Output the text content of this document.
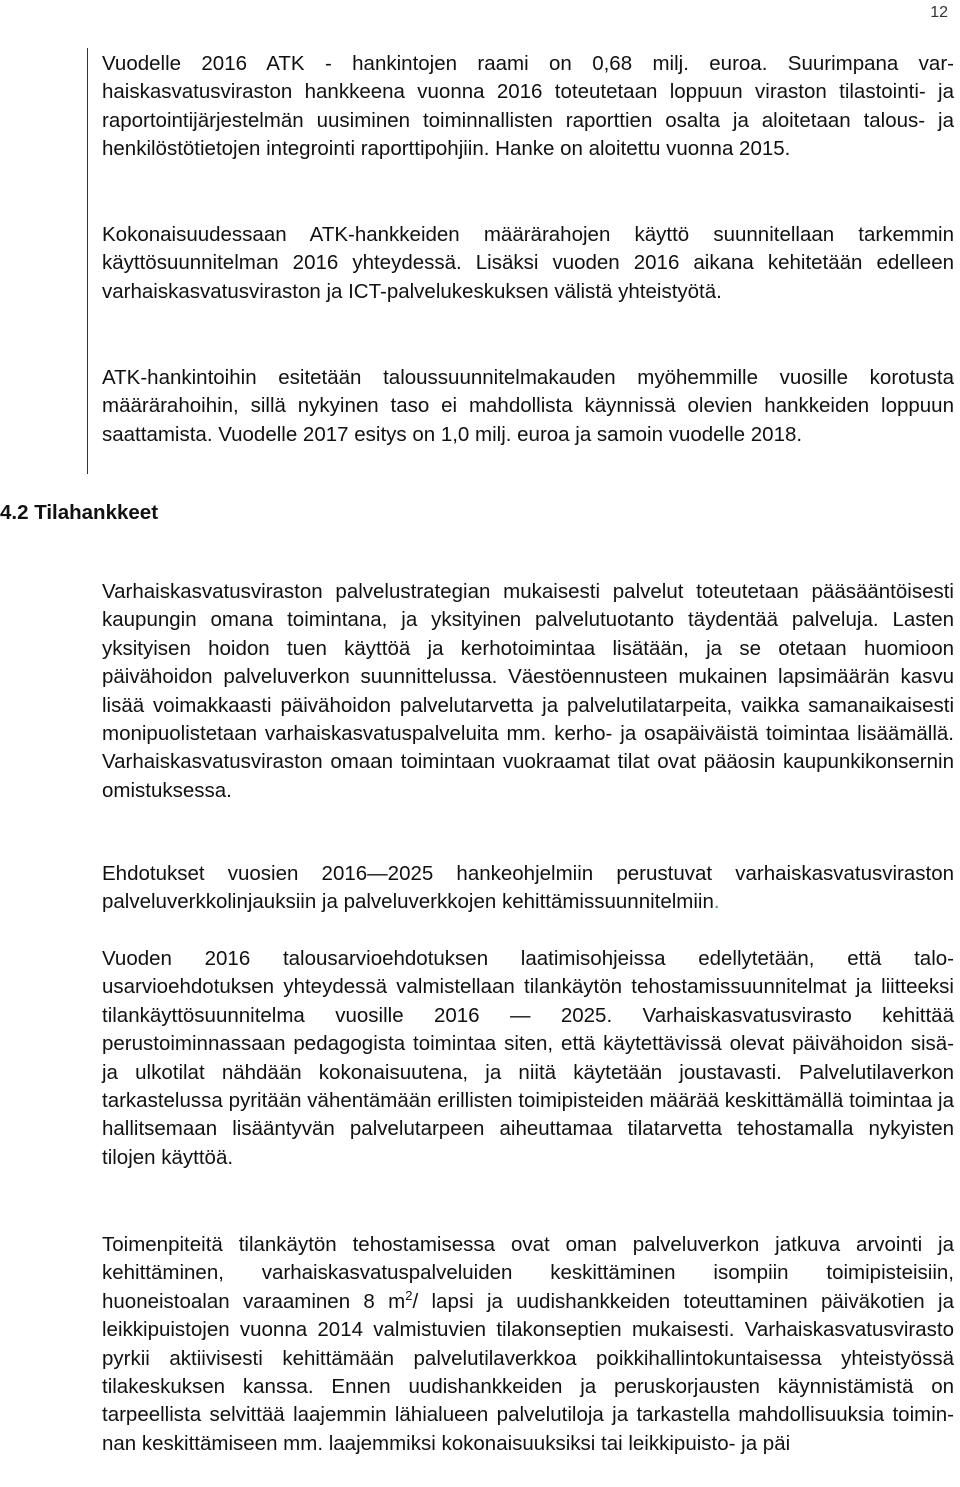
12

Vuodelle 2016 ATK - hankintojen raami on 0,68 milj. euroa. Suurimpana varhaiskasvatusviraston hankkeena vuonna 2016 toteutetaan loppuun viraston tilastointi- ja raportointijärjestelmän uusiminen toiminnallisten raporttien osalta ja aloitetaan talous- ja henkilöstötietojen integrointi raporttipohjiin. Hanke on aloitettu vuonna 2015.

Kokonaisuudessaan ATK-hankkeiden määrärahojen käyttö suunnitellaan tarkemmin käyttösuunnitelman 2016 yhteydessä. Lisäksi vuoden 2016 aikana kehitetään edelleen varhaiskasvatusviraston ja ICT-palvelukeskuksen välistä yhteistyötä.

ATK-hankintoihin esitetään taloussuunnitelmakauden myöhemmille vuosille korotusta määrärahoihin, sillä nykyinen taso ei mahdollista käynnissä olevien hankkeiden loppuun saattamista. Vuodelle 2017 esitys on 1,0 milj. euroa ja samoin vuodelle 2018.

4.2 Tilahankkeet

Varhaiskasvatusviraston palvelustrategian mukaisesti palvelut toteutetaan pääsääntöisesti kaupungin omana toimintana, ja yksityinen palvelutuotanto täydentää palveluja. Lasten yksityisen hoidon tuen käyttöä ja kerhotoimintaa lisätään, ja se otetaan huomioon päivähoidon palveluverkon suunnittelussa. Väestöennusteen mukainen lapsimäärän kasvu lisää voimakkaasti päivähoidon palvelutarvetta ja palvelutilatarpeita, vaikka samanaikaisesti monipuolistetaan varhaiskasvatuspalveluita mm. kerho- ja osapäiväistä toimintaa lisäämällä. Varhaiskasvatusviraston omaan toimintaan vuokraamat tilat ovat pääosin kaupunkikonsernin omistuksessa.

Ehdotukset vuosien 2016—2025 hankeohjelmiin perustuvat varhaiskasvatusviraston palveluverkkolinjauksiin ja palveluverkkojen kehittämissuunnitelmiin.

Vuoden 2016 talousarvioehdotuksen laatimisohjeissa edellytetään, että talousarvioehdotuksen yhteydessä valmistellaan tilankäytön tehostamissuunnitelmat ja liitteeksi tilankäyttösuunnitelma vuosille 2016 — 2025. Varhaiskasvatusvirasto kehittää perustoiminnassaan pedagogista toimintaa siten, että käytettävissä olevat päivähoidon sisä- ja ulkotilat nähdään kokonaisuutena, ja niitä käytetään joustavasti. Palvelutilaverkon tarkastelussa pyritään vähentämään erillisten toimipisteiden määrää keskittämällä toimintaa ja hallitsemaan lisääntyvän palvelutarpeen aiheuttamaa tilatarvetta tehostamalla nykyisten tilojen käyttöä.

Toimenpiteitä tilankäytön tehostamisessa ovat oman palveluverkon jatkuva arvointi ja kehittäminen, varhaiskasvatuspalveluiden keskittäminen isompiin toimipisteisiin, huoneistoalan varaaminen 8 $m^2/$ lapsi ja uudishankkeiden toteuttaminen päiväkotien ja leikkipuistojen vuonna 2014 valmistuvien tilakonseptien mukaisesti. Varhaiskasvatusvirasto pyrkii aktiivisesti kehittämään palvelutilaverkkoa poikkihallintokuntaisessa yhteistyössä tilakeskuksen kanssa. Ennen uudishankkeiden ja peruskorjausten käynnistämistä on tarpeellista selvittää laajemmin lähialueen palvelutiloja ja tarkastella mahdollisuuksia toiminnan keskittämiseen mm. laajemmiksi kokonaisuuksiksi tai leikkipuisto- ja päi
